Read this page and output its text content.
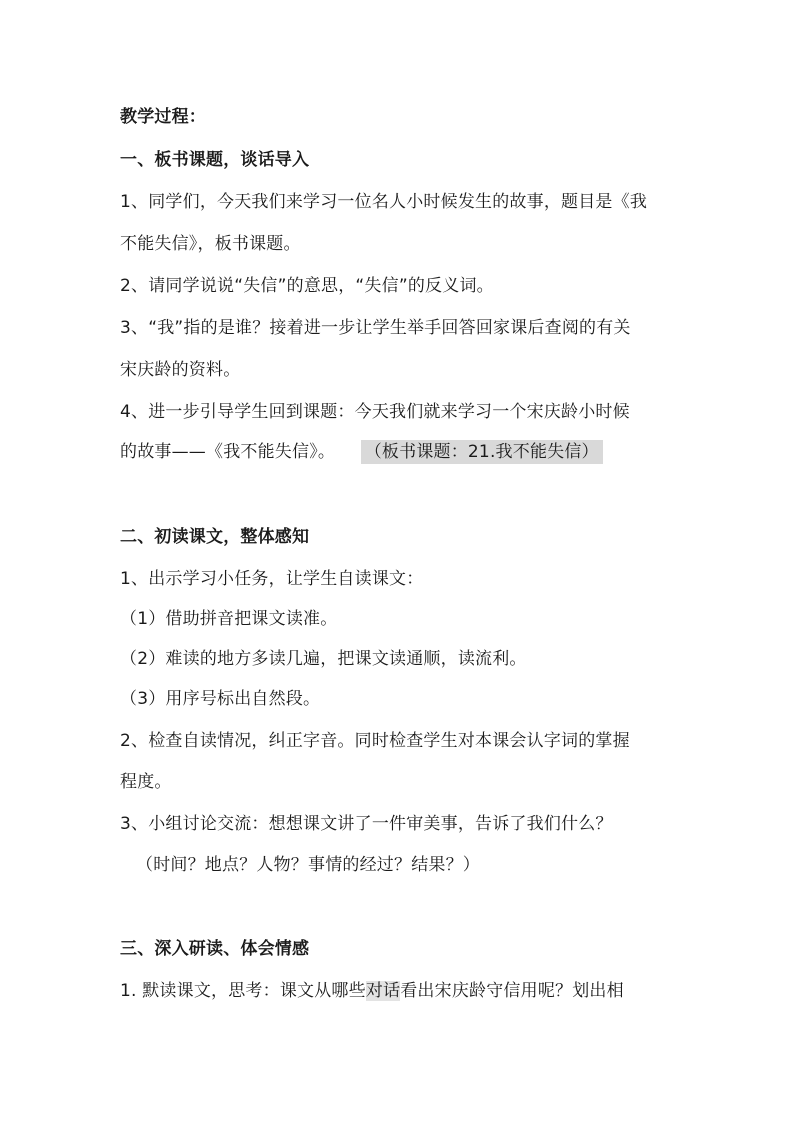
教学过程：
一、板书课题，谈话导入
1、同学们，今天我们来学习一位名人小时候发生的故事，题目是《我
不能失信》，板书课题。
2、请同学说说“失信”的意思，“失信”的反义词。
3、“我”指的是谁？接着进一步让学生举手回答回家课后查阅的有关
宋庆龄的资料。
4、进一步引导学生回到课题：今天我们就来学习一个宋庆龄小时候
的故事——《我不能失信》。 （板书课题：21.我不能失信）
二、初读课文，整体感知
1、出示学习小任务，让学生自读课文：
（1）借助拼音把课文读准。
（2）难读的地方多读几遍，把课文读通顺，读流利。
（3）用序号标出自然段。
2、检查自读情况，纠正字音。同时检查学生对本课会认字词的掌握
程度。
3、小组讨论交流：想想课文讲了一件审美事，告诉了我们什么？
（时间？地点？人物？事情的经过？结果？）
三、深入研读、体会情感
1. 默读课文，思考：课文从哪些对话看出宋庆龄守信用呢？划出相
